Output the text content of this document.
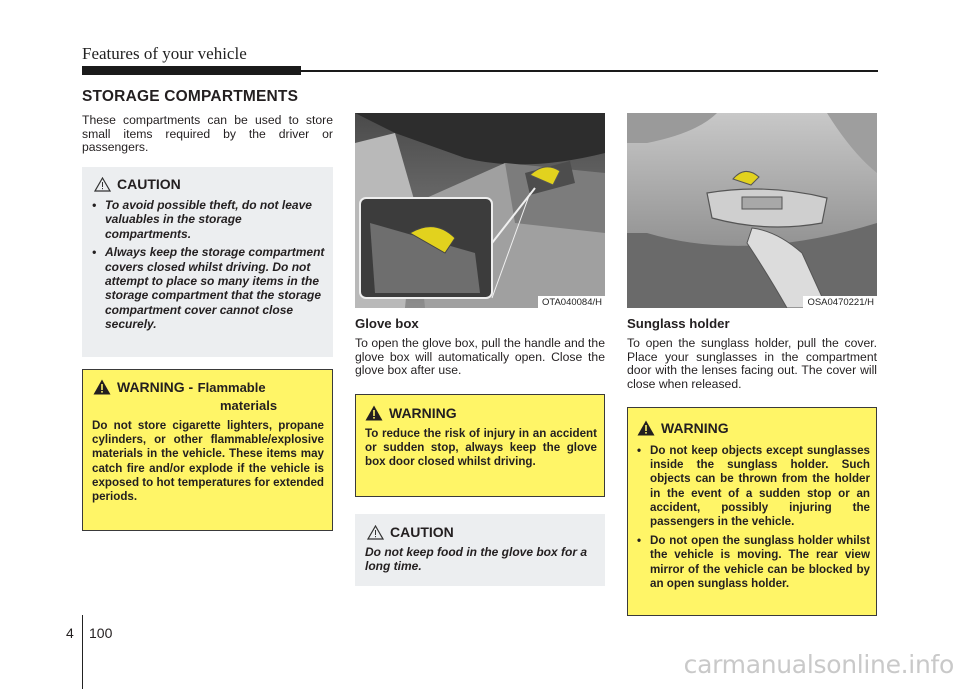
Features of your vehicle
STORAGE COMPARTMENTS
These compartments can be used to store small items required by the driver or passengers.
CAUTION
• To avoid possible theft, do not leave valuables in the storage compartments.
• Always keep the storage compartment covers closed whilst driving. Do not attempt to place so many items in the storage compartment that the storage compartment cover cannot close securely.
WARNING - Flammable
materials
Do not store cigarette lighters, propane cylinders, or other flammable/explosive materials in the vehicle. These items may catch fire and/or explode if the vehicle is exposed to hot temperatures for extended periods.
OTA040084/H
Glove box
To open the glove box, pull the handle and the glove box will automatically open. Close the glove box after use.
WARNING
To reduce the risk of injury in an accident or sudden stop, always keep the glove box door closed whilst driving.
CAUTION
Do not keep food in the glove box for a long time.
OSA0470221/H
Sunglass holder
To open the sunglass holder, pull the cover. Place your sunglasses in the compartment door with the lenses facing out. The cover will close when released.
WARNING
• Do not keep objects except sunglasses inside the sunglass holder. Such objects can be thrown from the holder in the event of a sudden stop or an accident, possibly injuring the passengers in the vehicle.
• Do not open the sunglass holder whilst the vehicle is moving. The rear view mirror of the vehicle can be blocked by an open sunglass holder.
4 100
carmanualsonline.info
